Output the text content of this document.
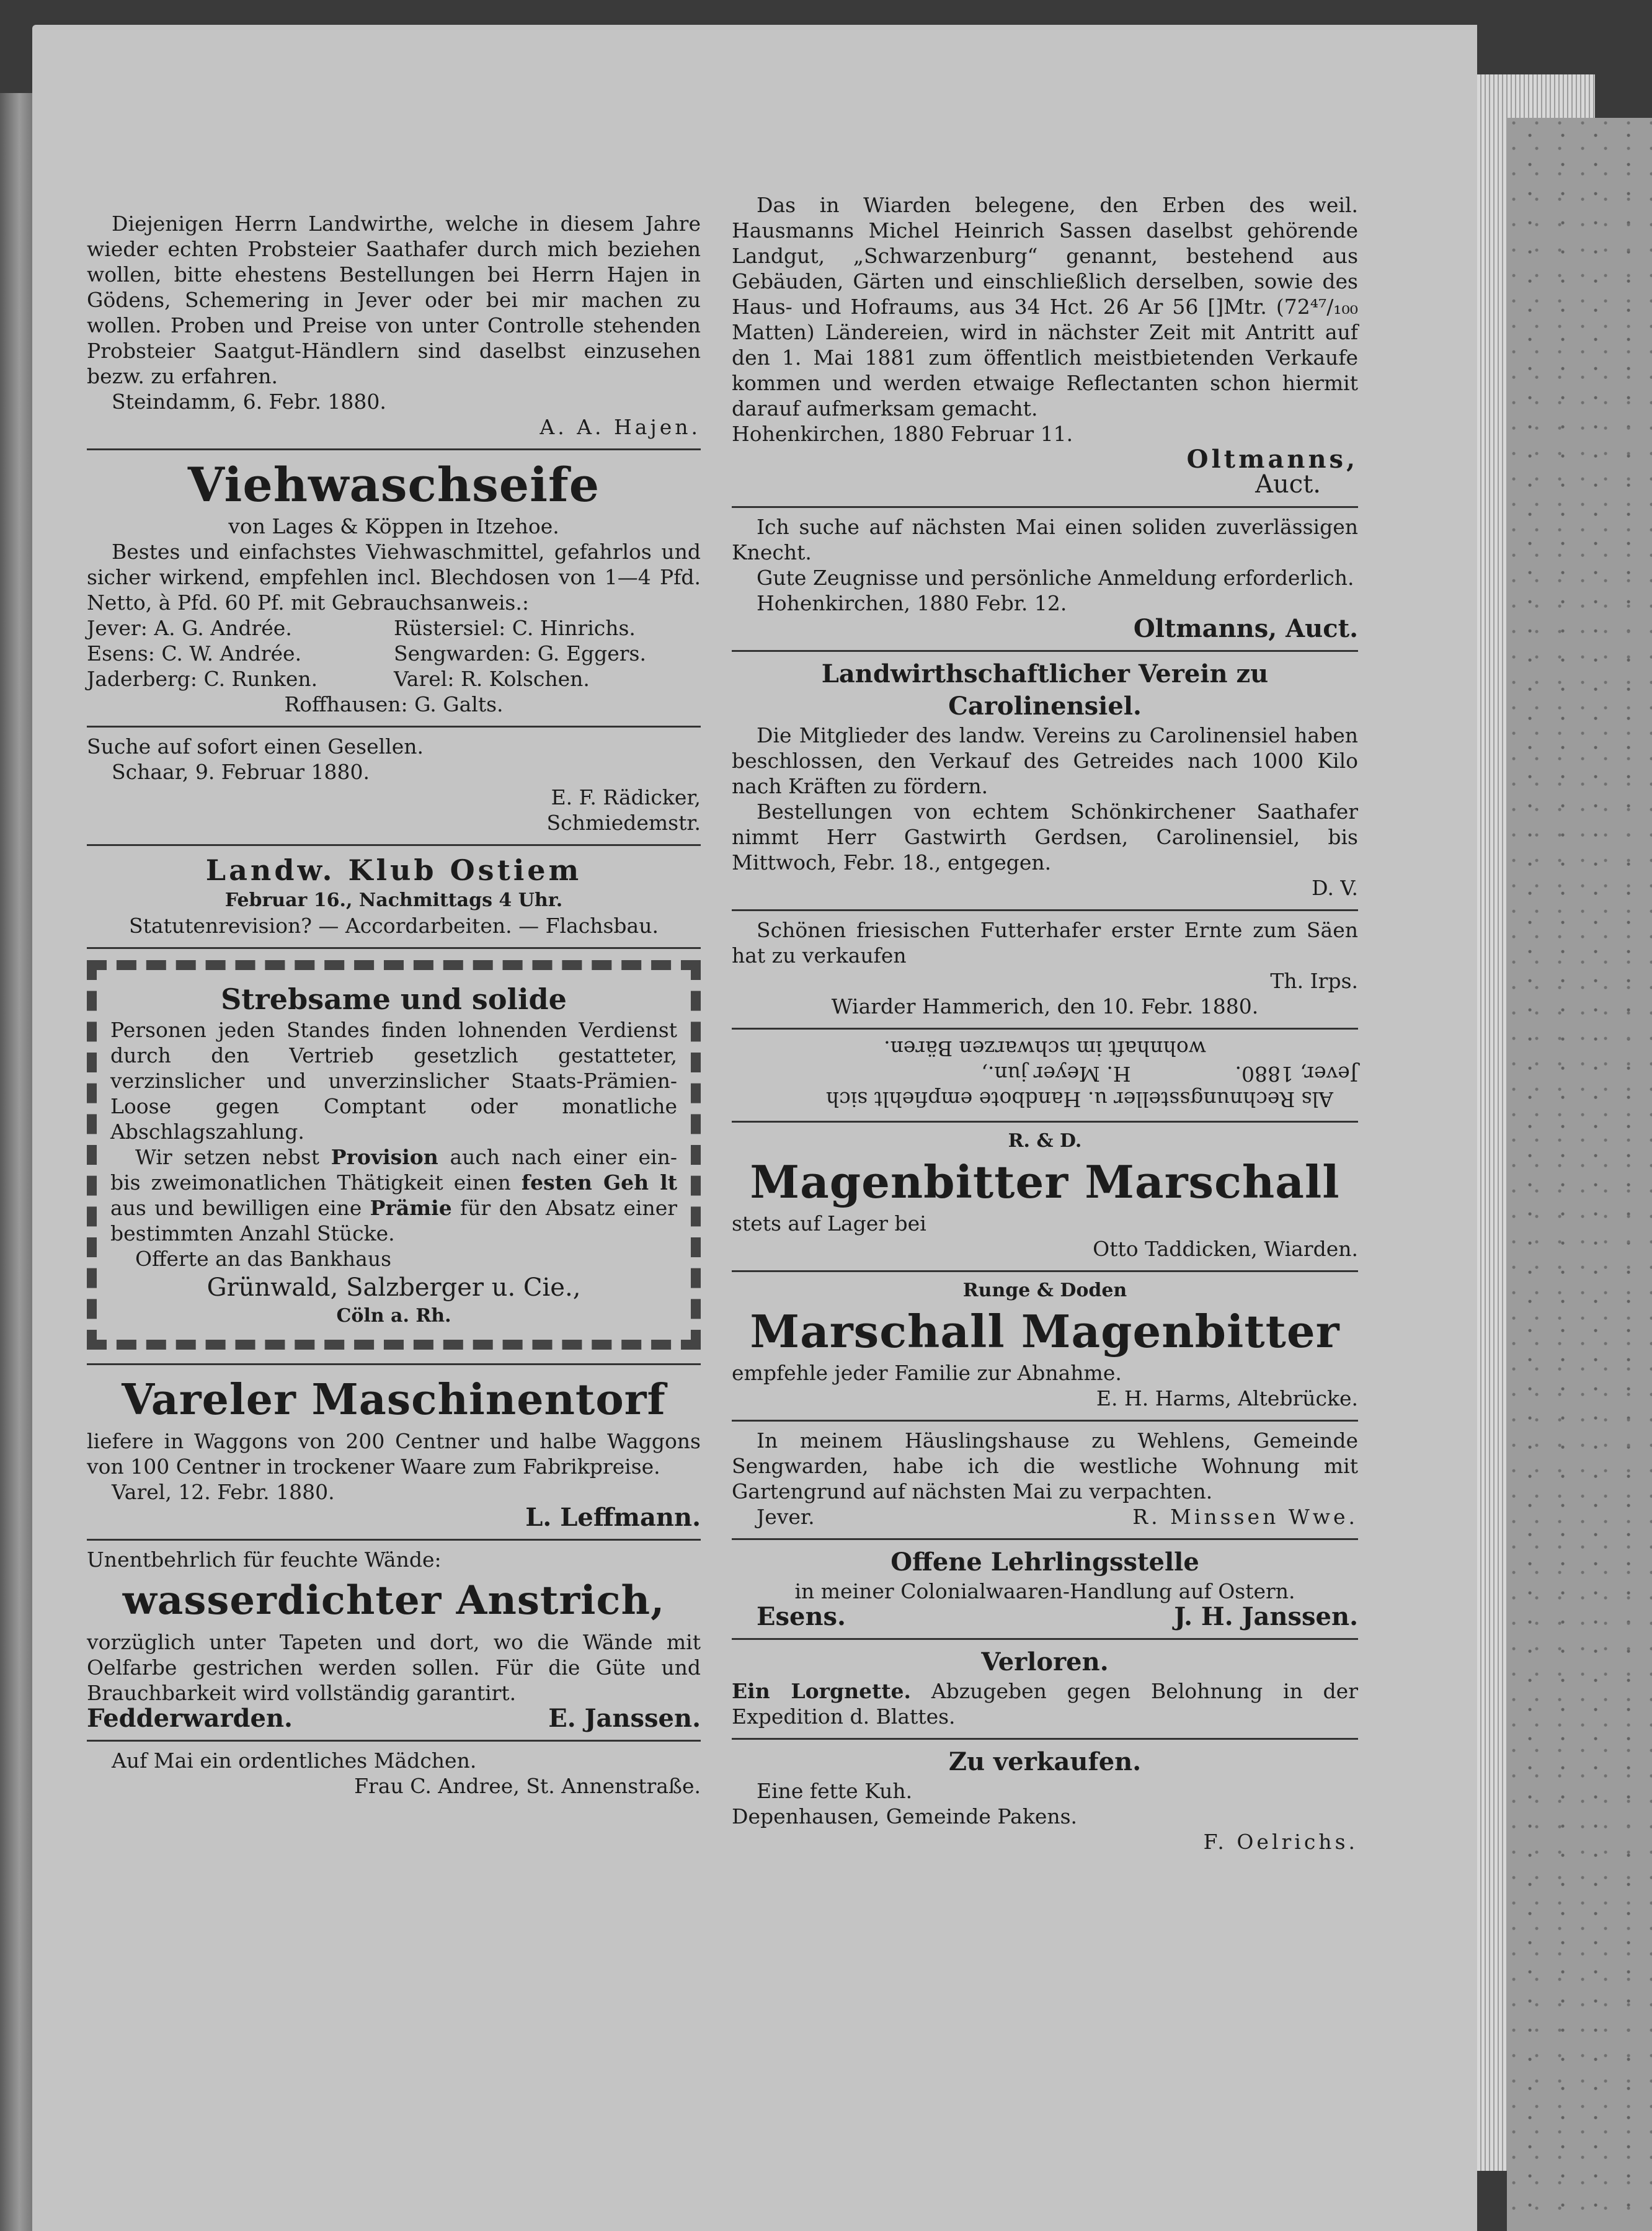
Diejenigen Herrn Landwirthe, welche in diesem Jahre wieder echten Probsteier Saathafer durch mich beziehen wollen, bitte ehestens Bestellungen bei Herrn Hajen in Gödens, Schemering in Jever oder bei mir machen zu wollen. Proben und Preise von unter Controlle stehenden Probsteier Saatgut-Händlern sind daselbst einzusehen bezw. zu erfahren.

Steindamm, 6. Febr. 1880.

A. A. Hajen.

Viehwaschseife

von Lages & Köppen in Itzehoe.

Bestes und einfachstes Viehwaschmittel, gefahrlos und sicher wirkend, empfehlen incl. Blechdosen von 1—4 Pfd. Netto, à Pfd. 60 Pf. mit Gebrauchsanweis.:

Jever: A. G. Andrée.	Rüstersiel: C. Hinrichs.
Esens: C. W. Andrée.	Sengwarden: G. Eggers.
Jaderberg: C. Runken.	Varel: R. Kolschen.

Roffhausen: G. Galts.

Suche auf sofort einen Gesellen.

Schaar, 9. Februar 1880.

E. F. Rädicker,

Schmiedemstr.

Landw. Klub Ostiem
Februar 16., Nachmittags 4 Uhr.

Statutenrevision? — Accordarbeiten. — Flachsbau.

Strebsame und solide

Personen jeden Standes finden lohnenden Verdienst durch den Vertrieb gesetzlich gestatteter, verzinslicher und unverzinslicher Staats-Prämien-Loose gegen Comptant oder monatliche Abschlagszahlung.

Wir setzen nebst Provision auch nach einer ein- bis zweimonatlichen Thätigkeit einen festen Geh lt aus und bewilligen eine Prämie für den Absatz einer bestimmten Anzahl Stücke.

Offerte an das Bankhaus

Grünwald, Salzberger u. Cie.,
Cöln a. Rh.
Vareler Maschinentorf

liefere in Waggons von 200 Centner und halbe Waggons von 100 Centner in trockener Waare zum Fabrikpreise.

Varel, 12. Febr. 1880.

L. Leffmann.

Unentbehrlich für feuchte Wände:

wasserdichter Anstrich,

vorzüglich unter Tapeten und dort, wo die Wände mit Oelfarbe gestrichen werden sollen. Für die Güte und Brauchbarkeit wird vollständig garantirt.

Fedderwarden.	E. Janssen.

Auf Mai ein ordentliches Mädchen.

Frau C. Andree, St. Annenstraße.

Das in Wiarden belegene, den Erben des weil. Hausmanns Michel Heinrich Sassen daselbst gehörende Landgut, „Schwarzenburg“ genannt, bestehend aus Gebäuden, Gärten und einschließlich derselben, sowie des Haus- und Hofraums, aus 34 Hct. 26 Ar 56 []Mtr. (72⁴⁷/₁₀₀ Matten) Ländereien, wird in nächster Zeit mit Antritt auf den 1. Mai 1881 zum öffentlich meistbietenden Verkaufe kommen und werden etwaige Reflectanten schon hiermit darauf aufmerksam gemacht.

Hohenkirchen, 1880 Februar 11.

Oltmanns,

Auct.

Ich suche auf nächsten Mai einen soliden zuverlässigen Knecht.

Gute Zeugnisse und persönliche Anmeldung erforderlich.

Hohenkirchen, 1880 Febr. 12.

Oltmanns, Auct.

Landwirthschaftlicher Verein zu Carolinensiel.

Die Mitglieder des landw. Vereins zu Carolinensiel haben beschlossen, den Verkauf des Getreides nach 1000 Kilo nach Kräften zu fördern.

Bestellungen von echtem Schönkirchener Saathafer nimmt Herr Gastwirth Gerdsen, Carolinensiel, bis Mittwoch, Febr. 18., entgegen.

D. V.

Schönen friesischen Futterhafer erster Ernte zum Säen hat zu verkaufen

Th. Irps.

Wiarder Hammerich, den 10. Febr. 1880.

Als Rechnungssteller u. Handbote empfiehlt sich

Jever, 1880.                H. Meyer jun.,

wohnhaft im schwarzen Bären.

R. & D.
Magenbitter Marschall

stets auf Lager bei

Otto Taddicken, Wiarden.

Runge & Doden
Marschall Magenbitter

empfehle jeder Familie zur Abnahme.

E. H. Harms, Altebrücke.

In meinem Häuslingshause zu Wehlens, Gemeinde Sengwarden, habe ich die westliche Wohnung mit Gartengrund auf nächsten Mai zu verpachten.

Jever.	R. Minssen Wwe.
Offene Lehrlingsstelle

in meiner Colonialwaaren-Handlung auf Ostern.

Esens.	J. H. Janssen.
Verloren.

Ein Lorgnette. Abzugeben gegen Belohnung in der Expedition d. Blattes.

Zu verkaufen.

Eine fette Kuh.

Depenhausen, Gemeinde Pakens.

F. Oelrichs.
